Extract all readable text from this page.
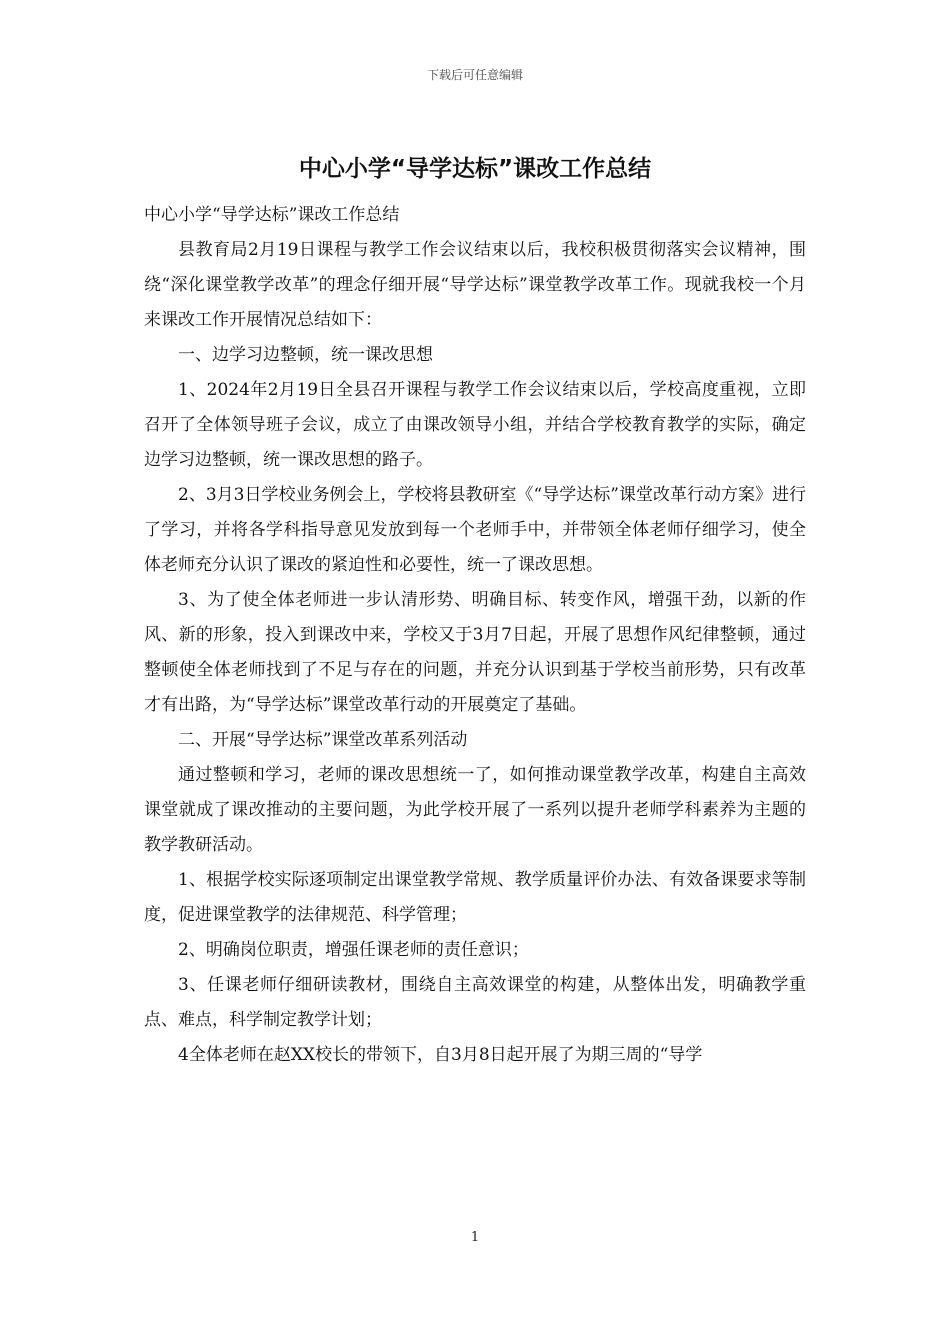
下载后可任意编辑
中心小学“导学达标”课改工作总结

中心小学“导学达标”课改工作总结

县教育局2月19日课程与教学工作会议结束以后，我校积极贯彻落实会议精神，围绕“深化课堂教学改革”的理念仔细开展“导学达标”课堂教学改革工作。现就我校一个月来课改工作开展情况总结如下：

一、边学习边整顿，统一课改思想

1、2024年2月19日全县召开课程与教学工作会议结束以后，学校高度重视，立即召开了全体领导班子会议，成立了由课改领导小组，并结合学校教育教学的实际，确定边学习边整顿，统一课改思想的路子。

2、3月3日学校业务例会上，学校将县教研室《“导学达标”课堂改革行动方案》进行了学习，并将各学科指导意见发放到每一个老师手中，并带领全体老师仔细学习，使全体老师充分认识了课改的紧迫性和必要性，统一了课改思想。

3、为了使全体老师进一步认清形势、明确目标、转变作风，增强干劲，以新的作风、新的形象，投入到课改中来，学校又于3月7日起，开展了思想作风纪律整顿，通过整顿使全体老师找到了不足与存在的问题，并充分认识到基于学校当前形势，只有改革才有出路，为“导学达标”课堂改革行动的开展奠定了基础。

二、开展“导学达标”课堂改革系列活动

通过整顿和学习，老师的课改思想统一了，如何推动课堂教学改革，构建自主高效课堂就成了课改推动的主要问题，为此学校开展了一系列以提升老师学科素养为主题的教学教研活动。

1、根据学校实际逐项制定出课堂教学常规、教学质量评价办法、有效备课要求等制度，促进课堂教学的法律规范、科学管理；

2、明确岗位职责，增强任课老师的责任意识；

3、任课老师仔细研读教材，围绕自主高效课堂的构建，从整体出发，明确教学重点、难点，科学制定教学计划；

4全体老师在赵XX校长的带领下，自3月8日起开展了为期三周的“导学

1
